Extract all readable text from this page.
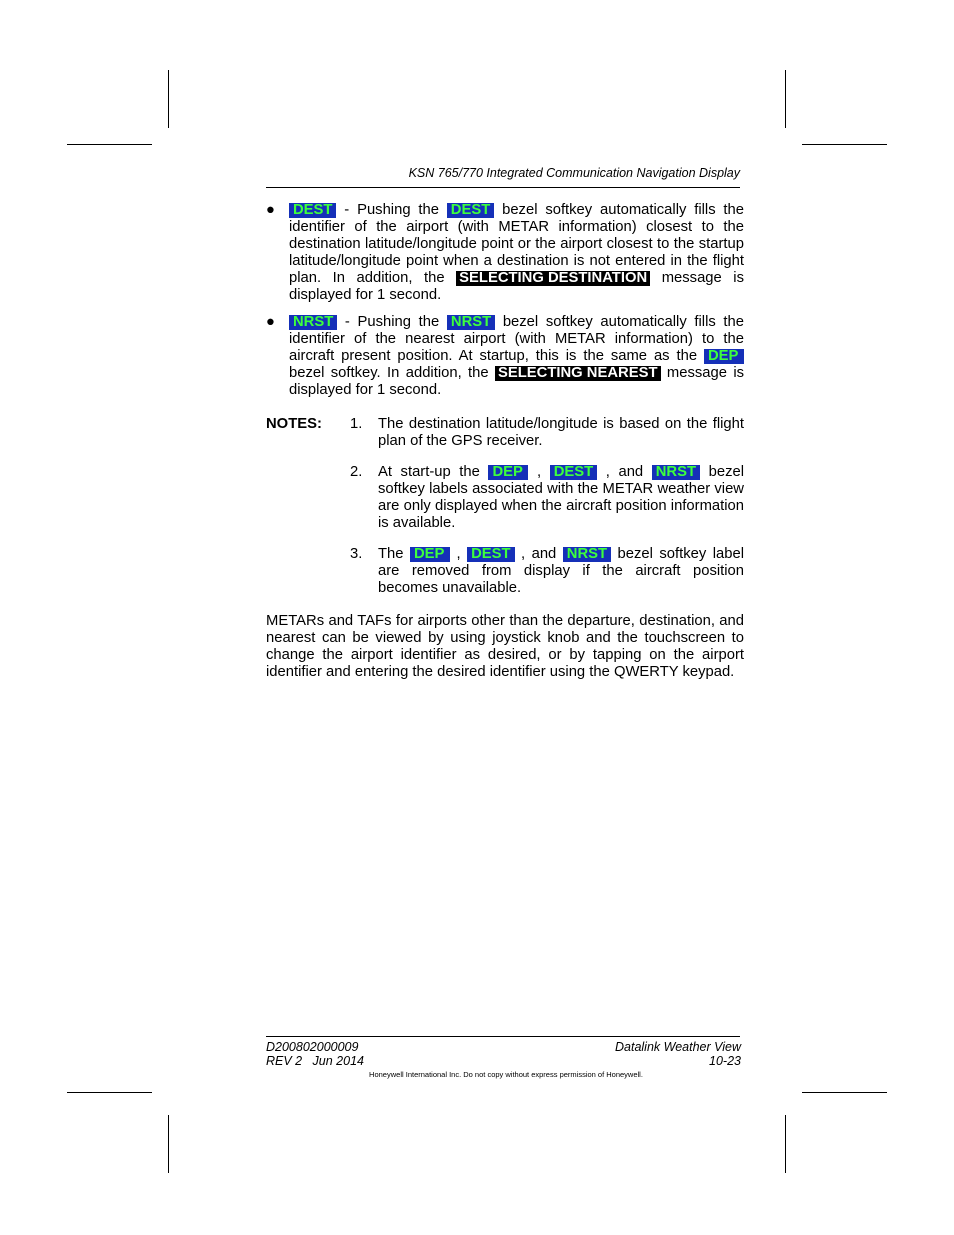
KSN 765/770 Integrated Communication Navigation Display
● DEST - Pushing the DEST bezel softkey automatically fills the identifier of the airport (with METAR information) closest to the destination latitude/longitude point or the airport closest to the startup latitude/longitude point when a destination is not entered in the flight plan. In addition, the SELECTING DESTINATION message is displayed for 1 second.
● NRST - Pushing the NRST bezel softkey automatically fills the identifier of the nearest airport (with METAR information) to the aircraft present position. At startup, this is the same as the DEP bezel softkey. In addition, the SELECTING NEAREST message is displayed for 1 second.
NOTES: 1. The destination latitude/longitude is based on the flight plan of the GPS receiver.
2. At start-up the DEP , DEST , and NRST bezel softkey labels associated with the METAR weather view are only displayed when the aircraft position information is available.
3. The DEP , DEST , and NRST bezel softkey label are removed from display if the aircraft position becomes unavailable.
METARs and TAFs for airports other than the departure, destination, and nearest can be viewed by using joystick knob and the touchscreen to change the airport identifier as desired, or by tapping on the airport identifier and entering the desired identifier using the QWERTY keypad.
D200802000009
REV 2   Jun 2014
Datalink Weather View
10-23
Honeywell International Inc. Do not copy without express permission of Honeywell.
